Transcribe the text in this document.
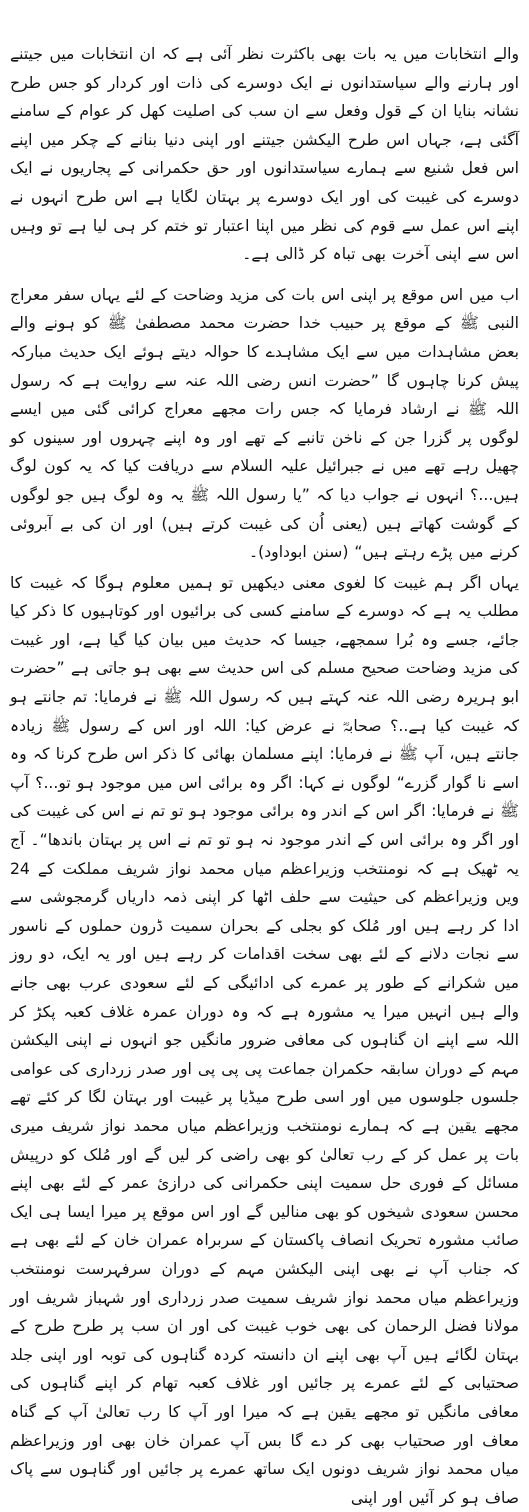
والے انتخابات میں یہ بات بھی باکثرت نظر آئی ہے کہ ان انتخابات میں جیتنے اور ہارنے والے سیاستدانوں نے ایک دوسرے کی ذات اور کردار کو جس طرح نشانہ بنایا ان کے قول وفعل سے ان سب کی اصلیت کھل کر عوام کے سامنے آگئی ہے، جہاں اس طرح الیکشن جیتنے اور اپنی دنیا بنانے کے چکر میں اپنے اس فعل شنیع سے ہمارے سیاستدانوں اور حق حکمرانی کے پجاریوں نے ایک دوسرے کی غیبت کی اور ایک دوسرے پر بہتان لگایا ہے اس طرح انہوں نے اپنے اس عمل سے قوم کی نظر میں اپنا اعتبار تو ختم کر ہی لیا ہے تو وہیں اس سے اپنی آخرت بھی تباہ کر ڈالی ہے۔

اب میں اس موقع پر اپنی اس بات کی مزید وضاحت کے لئے یہاں سفر معراج النبی ﷺ کے موقع پر حبیب خدا حضرت محمد مصطفیٰ ﷺ کو ہونے والے بعض مشاہدات میں سے ایک مشاہدے کا حوالہ دیتے ہوئے ایک حدیث مبارکہ پیش کرنا چاہوں گا ”حضرت انس رضی اللہ عنہ سے روایت ہے کہ رسول اللہ ﷺ نے ارشاد فرمایا کہ جس رات مجھے معراج کرائی گئی میں ایسے لوگوں پر گزرا جن کے ناخن تانبے کے تھے اور وہ اپنے چہروں اور سینوں کو چھیل رہے تھے میں نے جبرائیل علیہ السلام سے دریافت کیا کہ یہ کون لوگ ہیں...؟ انہوں نے جواب دیا کہ ”یا رسول اللہ ﷺ یہ وہ لوگ ہیں جو لوگوں کے گوشت کھاتے ہیں (یعنی اُن کی غیبت کرتے ہیں) اور ان کی بے آبروئی کرنے میں پڑے رہتے ہیں“ (سنن ابوداود)۔

یہاں اگر ہم غیبت کا لغوی معنی دیکھیں تو ہمیں معلوم ہوگا کہ غیبت کا مطلب یہ ہے کہ دوسرے کے سامنے کسی کی برائیوں اور کوتاہیوں کا ذکر کیا جائے، جسے وہ بُرا سمجھے، جیسا کہ حدیث میں بیان کیا گیا ہے، اور غیبت کی مزید وضاحت صحیح مسلم کی اس حدیث سے بھی ہو جاتی ہے ”حضرت ابو ہریرہ رضی اللہ عنہ کہتے ہیں کہ رسول اللہ ﷺ نے فرمایا: تم جانتے ہو کہ غیبت کیا ہے..؟ صحابہؓ نے عرض کیا: اللہ اور اس کے رسول ﷺ زیادہ جانتے ہیں، آپ ﷺ نے فرمایا: اپنے مسلمان بھائی کا ذکر اس طرح کرنا کہ وہ اسے نا گوار گزرے“ لوگوں نے کہا: اگر وہ برائی اس میں موجود ہو تو...؟ آپ ﷺ نے فرمایا: اگر اس کے اندر وہ برائی موجود ہو تو تم نے اس کی غیبت کی اور اگر وہ برائی اس کے اندر موجود نہ ہو تو تم نے اس پر بہتان باندھا“۔ آج یہ ٹھیک ہے کہ نومنتخب وزیراعظم میاں محمد نواز شریف مملکت کے 24 ویں وزیراعظم کی حیثیت سے حلف اٹھا کر اپنی ذمہ داریاں گرمجوشی سے ادا کر رہے ہیں اور مُلک کو بجلی کے بحران سمیت ڈرون حملوں کے ناسور سے نجات دلانے کے لئے بھی سخت اقدامات کر رہے ہیں اور یہ ایک، دو روز میں شکرانے کے طور پر عمرے کی ادائیگی کے لئے سعودی عرب بھی جانے والے ہیں انہیں میرا یہ مشورہ ہے کہ وہ دوران عمرہ غلاف کعبہ پکڑ کر اللہ سے اپنے ان گناہوں کی معافی ضرور مانگیں جو انہوں نے اپنی الیکشن مہم کے دوران سابقہ حکمران جماعت پی پی پی اور صدر زرداری کی عوامی جلسوں جلوسوں میں اور اسی طرح میڈیا پر غیبت اور بہتان لگا کر کئے تھے مجھے یقین ہے کہ ہمارے نومنتخب وزیراعظم میاں محمد نواز شریف میری بات پر عمل کر کے رب تعالیٰ کو بھی راضی کر لیں گے اور مُلک کو درپیش مسائل کے فوری حل سمیت اپنی حکمرانی کی درازئ عمر کے لئے بھی اپنے محسن سعودی شیخوں کو بھی منالیں گے اور اس موقع پر میرا ایسا ہی ایک صائب مشورہ تحریک انصاف پاکستان کے سربراہ عمران خان کے لئے بھی ہے کہ جناب آپ نے بھی اپنی الیکشن مہم کے دوران سرفہرست نومنتخب وزیراعظم میاں محمد نواز شریف سمیت صدر زرداری اور شہباز شریف اور مولانا فضل الرحمان کی بھی خوب غیبت کی اور ان سب پر طرح طرح کے بہتان لگائے ہیں آپ بھی اپنے ان دانستہ کردہ گناہوں کی توبہ اور اپنی جلد صحتیابی کے لئے عمرے پر جائیں اور غلاف کعبہ تھام کر اپنے گناہوں کی معافی مانگیں تو مجھے یقین ہے کہ میرا اور آپ کا رب تعالیٰ آپ کے گناہ معاف اور صحتیاب بھی کر دے گا بس آپ عمران خان بھی اور وزیراعظم میاں محمد نواز شریف دونوں ایک ساتھ عمرے پر جائیں اور گناہوں سے پاک صاف ہو کر آئیں اور اپنی
